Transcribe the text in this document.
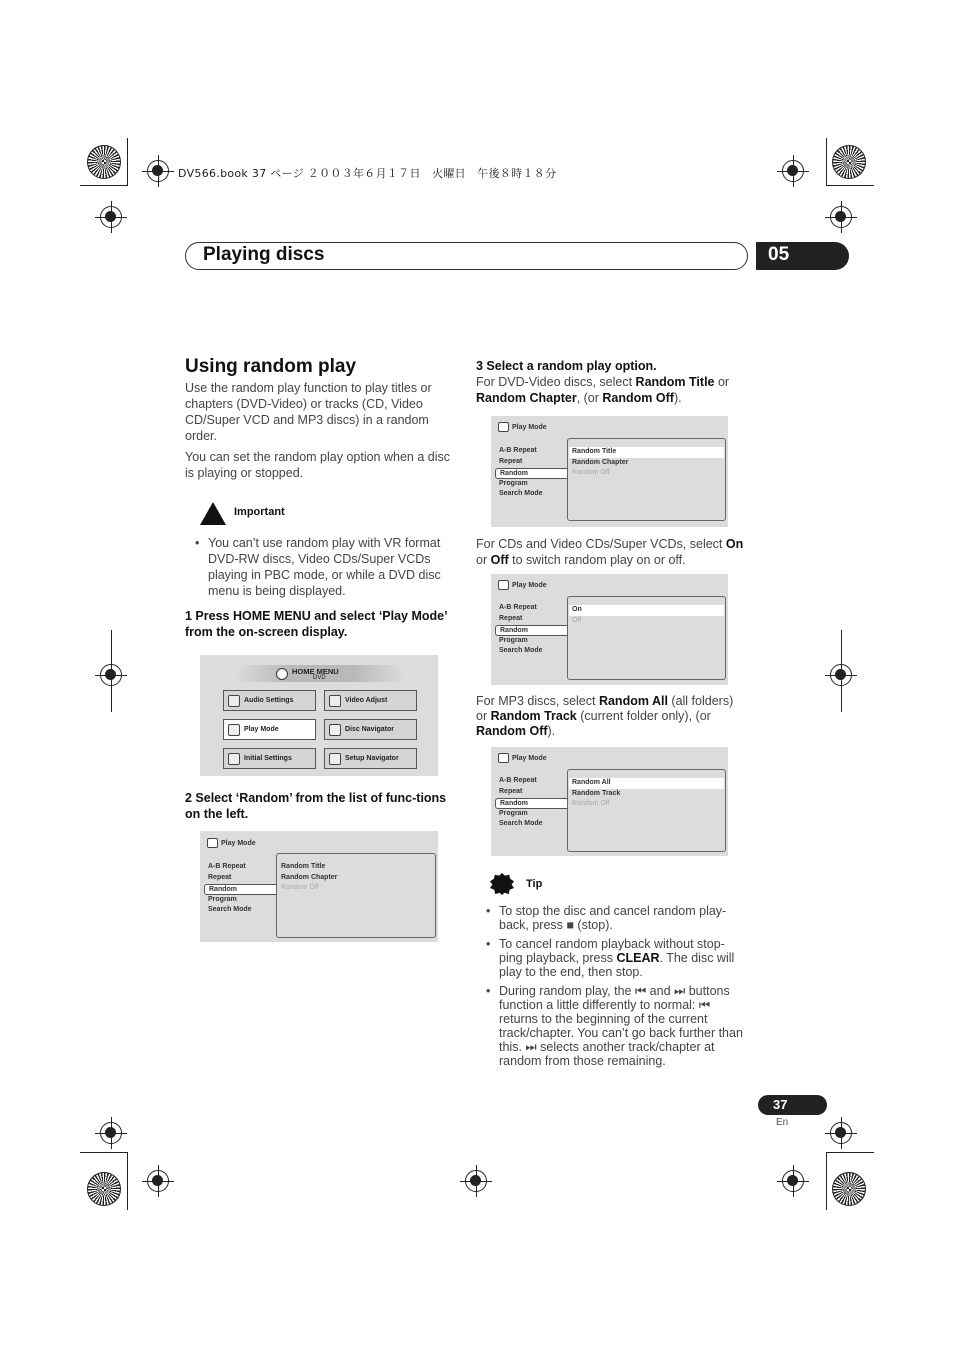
DV566.book 37 ページ ２００３年６月１７日　火曜日　午後８時１８分
Playing discs	05
Using random play
Use the random play function to play titles or chapters (DVD-Video) or tracks (CD, Video CD/Super VCD and MP3 discs) in a random order.
You can set the random play option when a disc is playing or stopped.
Important
• You can’t use random play with VR format DVD-RW discs, Video CDs/Super VCDs playing in PBC mode, or while a DVD disc menu is being displayed.
1 Press HOME MENU and select ‘Play Mode’ from the on-screen display.
HOME MENU
DVD
Audio Settings	Video Adjust
Play Mode	Disc Navigator
Initial Settings	Setup Navigator
2 Select ‘Random’ from the list of func-tions on the left.
Play Mode
A-B Repeat
Repeat
Random
Program
Search Mode
Random Title
Random Chapter
Random Off
3 Select a random play option.
For DVD-Video discs, select Random Title or Random Chapter, (or Random Off).
Play Mode
A-B Repeat
Repeat
Random
Program
Search Mode
Random Title
Random Chapter
Random Off
For CDs and Video CDs/Super VCDs, select On or Off to switch random play on or off.
Play Mode
A-B Repeat
Repeat
Random
Program
Search Mode
On
Off
For MP3 discs, select Random All (all folders) or Random Track (current folder only), (or Random Off).
Play Mode
A-B Repeat
Repeat
Random
Program
Search Mode
Random All
Random Track
Random Off
Tip
• To stop the disc and cancel random play-back, press ■ (stop).
• To cancel random playback without stop-ping playback, press CLEAR. The disc will play to the end, then stop.
• During random play, the ⏮ and ⏭ buttons function a little differently to normal: ⏮ returns to the beginning of the current track/chapter. You can’t go back further than this. ⏭ selects another track/chapter at random from those remaining.
37
En
